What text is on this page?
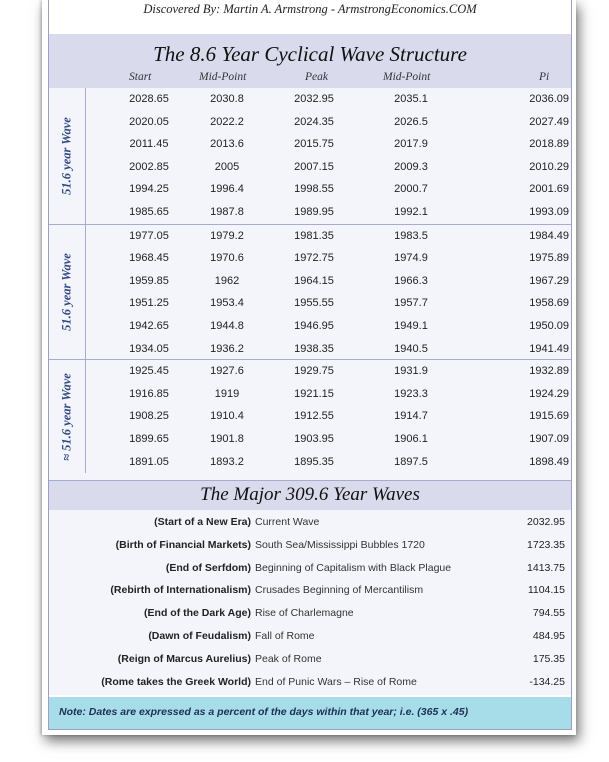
Discovered By: Martin A. Armstrong - ArmstrongEconomics.COM
The 8.6 Year Cyclical Wave Structure
Start	Mid-Point	Peak	Mid-Point	Pi
51.6 year Wave
2028.65	2030.8	2032.95	2035.1	2036.09
2020.05	2022.2	2024.35	2026.5	2027.49
2011.45	2013.6	2015.75	2017.9	2018.89
2002.85	2005	2007.15	2009.3	2010.29
1994.25	1996.4	1998.55	2000.7	2001.69
1985.65	1987.8	1989.95	1992.1	1993.09
51.6 year Wave
1977.05	1979.2	1981.35	1983.5	1984.49
1968.45	1970.6	1972.75	1974.9	1975.89
1959.85	1962	1964.15	1966.3	1967.29
1951.25	1953.4	1955.55	1957.7	1958.69
1942.65	1944.8	1946.95	1949.1	1950.09
1934.05	1936.2	1938.35	1940.5	1941.49
≈ 51.6 year Wave
1925.45	1927.6	1929.75	1931.9	1932.89
1916.85	1919	1921.15	1923.3	1924.29
1908.25	1910.4	1912.55	1914.7	1915.69
1899.65	1901.8	1903.95	1906.1	1907.09
1891.05	1893.2	1895.35	1897.5	1898.49
The Major 309.6 Year Waves
(Start of a New Era) Current Wave	2032.95
(Birth of Financial Markets) South Sea/Mississippi Bubbles 1720	1723.35
(End of Serfdom) Beginning of Capitalism with Black Plague	1413.75
(Rebirth of Internationalism) Crusades Beginning of Mercantilism	1104.15
(End of the Dark Age) Rise of Charlemagne	794.55
(Dawn of Feudalism) Fall of Rome	484.95
(Reign of Marcus Aurelius) Peak of Rome	175.35
(Rome takes the Greek World) End of Punic Wars – Rise of Rome	-134.25
Note: Dates are expressed as a percent of the days within that year; i.e. (365 x .45)
